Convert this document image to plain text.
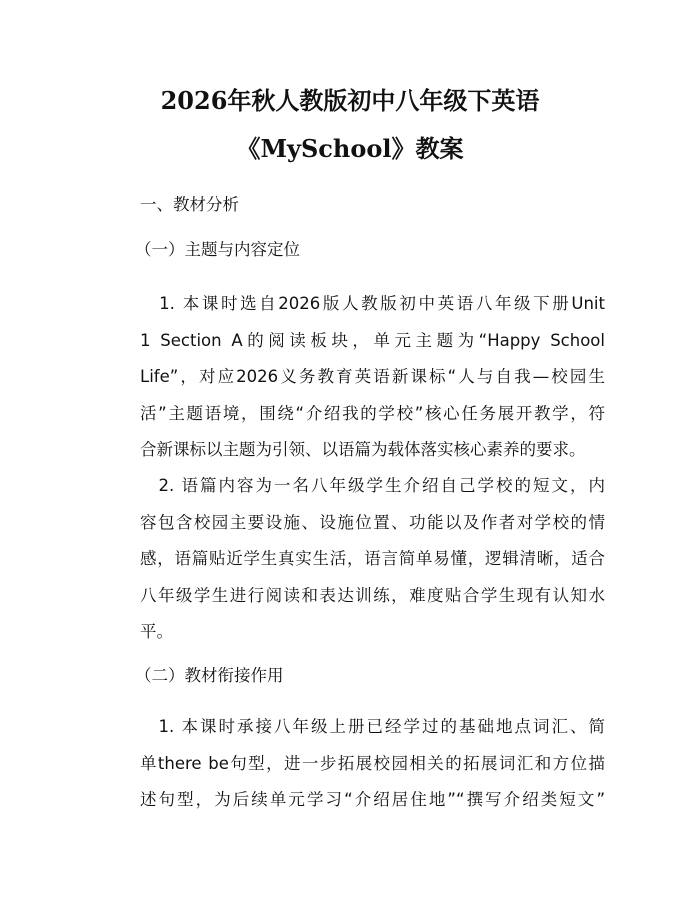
2026年秋人教版初中八年级下英语
《MySchool》教案
一、教材分析
（一）主题与内容定位
　1. 本课时选自2026版人教版初中英语八年级下册Unit
1 Section A的阅读板块，单元主题为“Happy School
Life”，对应2026义务教育英语新课标“人与自我—校园生
活”主题语境，围绕“介绍我的学校”核心任务展开教学，符
合新课标以主题为引领、以语篇为载体落实核心素养的要求。
　2. 语篇内容为一名八年级学生介绍自己学校的短文，内
容包含校园主要设施、设施位置、功能以及作者对学校的情
感，语篇贴近学生真实生活，语言简单易懂，逻辑清晰，适合
八年级学生进行阅读和表达训练，难度贴合学生现有认知水
平。
（二）教材衔接作用
　1. 本课时承接八年级上册已经学过的基础地点词汇、简
单there be句型，进一步拓展校园相关的拓展词汇和方位描
述句型，为后续单元学习“介绍居住地”“撰写介绍类短文”
